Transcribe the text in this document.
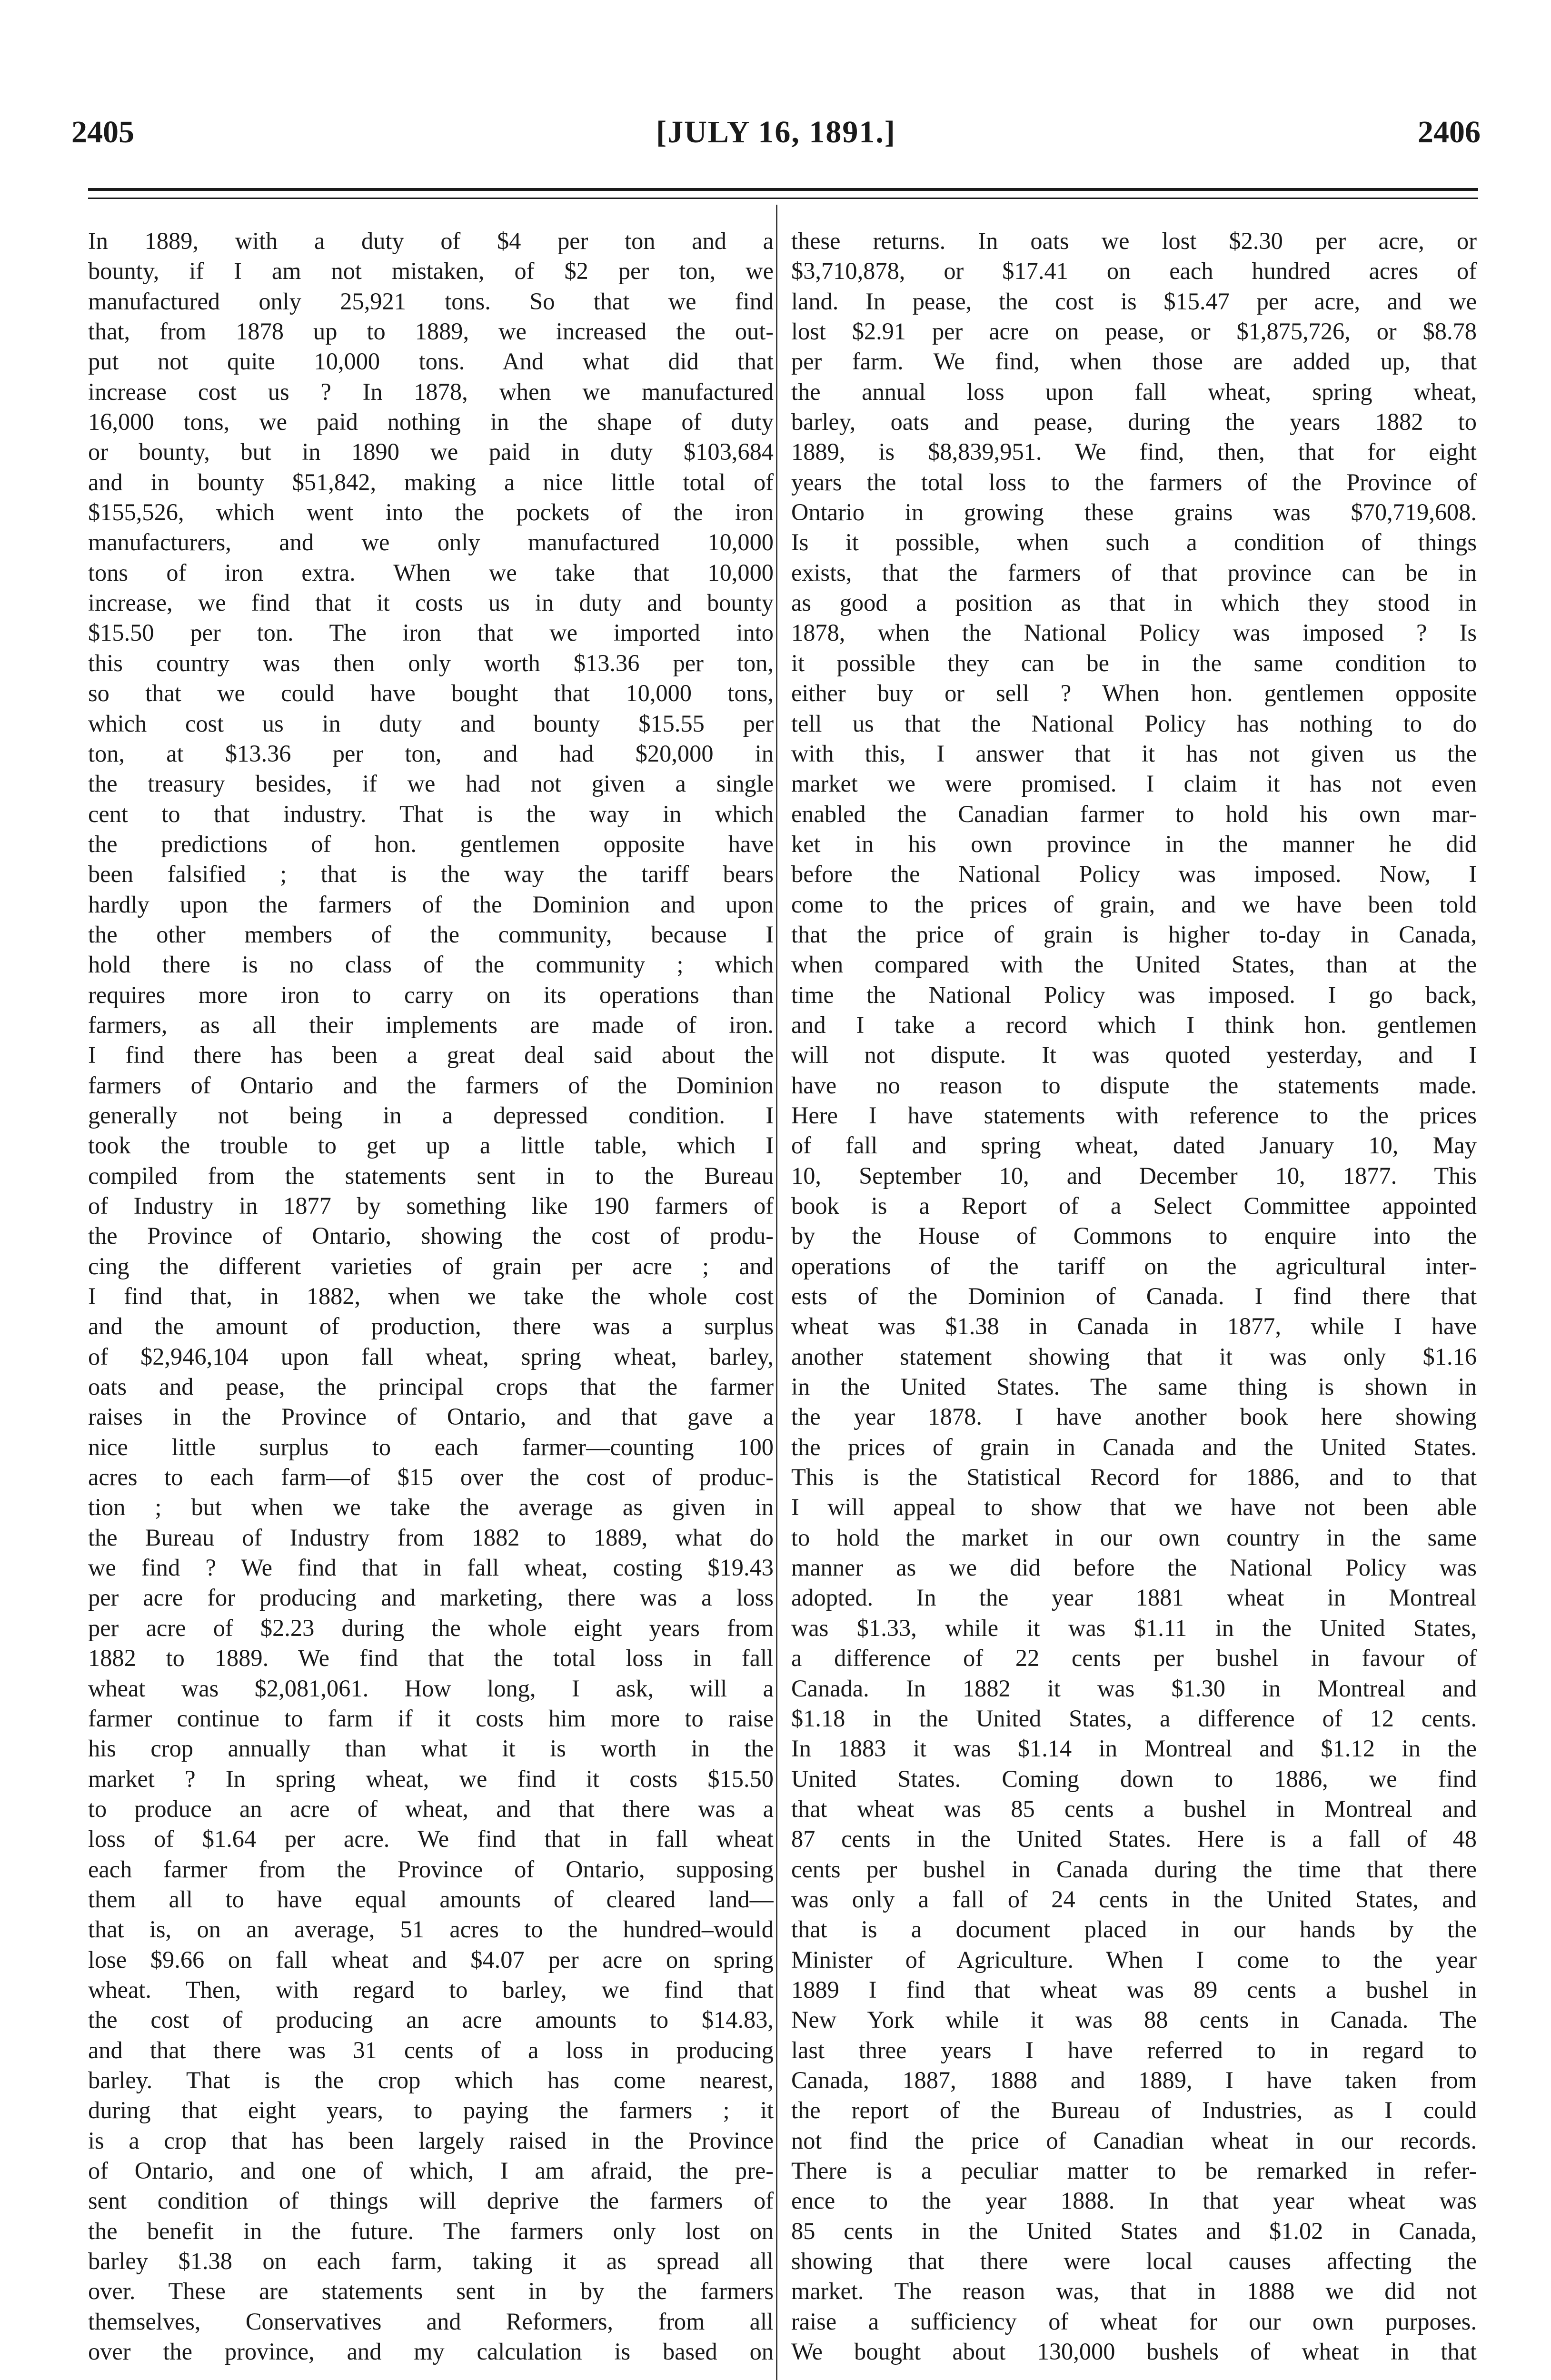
2405	[JULY 16, 1891.]	2406

In 1889, with a duty of $4 per ton and a

bounty, if I am not mistaken, of $2 per ton, we

manufactured only 25,921 tons. So that we find

that, from 1878 up to 1889, we increased the out-

put not quite 10,000 tons. And what did that

increase cost us ? In 1878, when we manufactured

16,000 tons, we paid nothing in the shape of duty

or bounty, but in 1890 we paid in duty $103,684

and in bounty $51,842, making a nice little total of

$155,526, which went into the pockets of the iron

manufacturers, and we only manufactured 10,000

tons of iron extra. When we take that 10,000

increase, we find that it costs us in duty and bounty

$15.50 per ton. The iron that we imported into

this country was then only worth $13.36 per ton,

so that we could have bought that 10,000 tons,

which cost us in duty and bounty $15.55 per

ton, at $13.36 per ton, and had $20,000 in

the treasury besides, if we had not given a single

cent to that industry. That is the way in which

the predictions of hon. gentlemen opposite have

been falsified ; that is the way the tariff bears

hardly upon the farmers of the Dominion and upon

the other members of the community, because I

hold there is no class of the community ; which

requires more iron to carry on its operations than

farmers, as all their implements are made of iron.

I find there has been a great deal said about the

farmers of Ontario and the farmers of the Dominion

generally not being in a depressed condition. I

took the trouble to get up a little table, which I

compiled from the statements sent in to the Bureau

of Industry in 1877 by something like 190 farmers of

the Province of Ontario, showing the cost of produ-

cing the different varieties of grain per acre ; and

I find that, in 1882, when we take the whole cost

and the amount of production, there was a surplus

of $2,946,104 upon fall wheat, spring wheat, barley,

oats and pease, the principal crops that the farmer

raises in the Province of Ontario, and that gave a

nice little surplus to each farmer—counting 100

acres to each farm—of $15 over the cost of produc-

tion ; but when we take the average as given in

the Bureau of Industry from 1882 to 1889, what do

we find ? We find that in fall wheat, costing $19.43

per acre for producing and marketing, there was a loss

per acre of $2.23 during the whole eight years from

1882 to 1889. We find that the total loss in fall

wheat was $2,081,061. How long, I ask, will a

farmer continue to farm if it costs him more to raise

his crop annually than what it is worth in the

market ? In spring wheat, we find it costs $15.50

to produce an acre of wheat, and that there was a

loss of $1.64 per acre. We find that in fall wheat

each farmer from the Province of Ontario, supposing

them all to have equal amounts of cleared land—

that is, on an average, 51 acres to the hundred–would

lose $9.66 on fall wheat and $4.07 per acre on spring

wheat. Then, with regard to barley, we find that

the cost of producing an acre amounts to $14.83,

and that there was 31 cents of a loss in producing

barley. That is the crop which has come nearest,

during that eight years, to paying the farmers ; it

is a crop that has been largely raised in the Province

of Ontario, and one of which, I am afraid, the pre-

sent condition of things will deprive the farmers of

the benefit in the future. The farmers only lost on

barley $1.38 on each farm, taking it as spread all

over. These are statements sent in by the farmers

themselves, Conservatives and Reformers, from all

over the province, and my calculation is based on

these returns. In oats we lost $2.30 per acre, or

$3,710,878, or $17.41 on each hundred acres of

land. In pease, the cost is $15.47 per acre, and we

lost $2.91 per acre on pease, or $1,875,726, or $8.78

per farm. We find, when those are added up, that

the annual loss upon fall wheat, spring wheat,

barley, oats and pease, during the years 1882 to

1889, is $8,839,951. We find, then, that for eight

years the total loss to the farmers of the Province of

Ontario in growing these grains was $70,719,608.

Is it possible, when such a condition of things

exists, that the farmers of that province can be in

as good a position as that in which they stood in

1878, when the National Policy was imposed ? Is

it possible they can be in the same condition to

either buy or sell ? When hon. gentlemen opposite

tell us that the National Policy has nothing to do

with this, I answer that it has not given us the

market we were promised. I claim it has not even

enabled the Canadian farmer to hold his own mar-

ket in his own province in the manner he did

before the National Policy was imposed. Now, I

come to the prices of grain, and we have been told

that the price of grain is higher to-day in Canada,

when compared with the United States, than at the

time the National Policy was imposed. I go back,

and I take a record which I think hon. gentlemen

will not dispute. It was quoted yesterday, and I

have no reason to dispute the statements made.

Here I have statements with reference to the prices

of fall and spring wheat, dated January 10, May

10, September 10, and December 10, 1877. This

book is a Report of a Select Committee appointed

by the House of Commons to enquire into the

operations of the tariff on the agricultural inter-

ests of the Dominion of Canada. I find there that

wheat was $1.38 in Canada in 1877, while I have

another statement showing that it was only $1.16

in the United States. The same thing is shown in

the year 1878. I have another book here showing

the prices of grain in Canada and the United States.

This is the Statistical Record for 1886, and to that

I will appeal to show that we have not been able

to hold the market in our own country in the same

manner as we did before the National Policy was

adopted. In the year 1881 wheat in Montreal

was $1.33, while it was $1.11 in the United States,

a difference of 22 cents per bushel in favour of

Canada. In 1882 it was $1.30 in Montreal and

$1.18 in the United States, a difference of 12 cents.

In 1883 it was $1.14 in Montreal and $1.12 in the

United States. Coming down to 1886, we find

that wheat was 85 cents a bushel in Montreal and

87 cents in the United States. Here is a fall of 48

cents per bushel in Canada during the time that there

was only a fall of 24 cents in the United States, and

that is a document placed in our hands by the

Minister of Agriculture. When I come to the year

1889 I find that wheat was 89 cents a bushel in

New York while it was 88 cents in Canada. The

last three years I have referred to in regard to

Canada, 1887, 1888 and 1889, I have taken from

the report of the Bureau of Industries, as I could

not find the price of Canadian wheat in our records.

There is a peculiar matter to be remarked in refer-

ence to the year 1888. In that year wheat was

85 cents in the United States and $1.02 in Canada,

showing that there were local causes affecting the

market. The reason was, that in 1888 we did not

raise a sufficiency of wheat for our own purposes.

We bought about 130,000 bushels of wheat in that
